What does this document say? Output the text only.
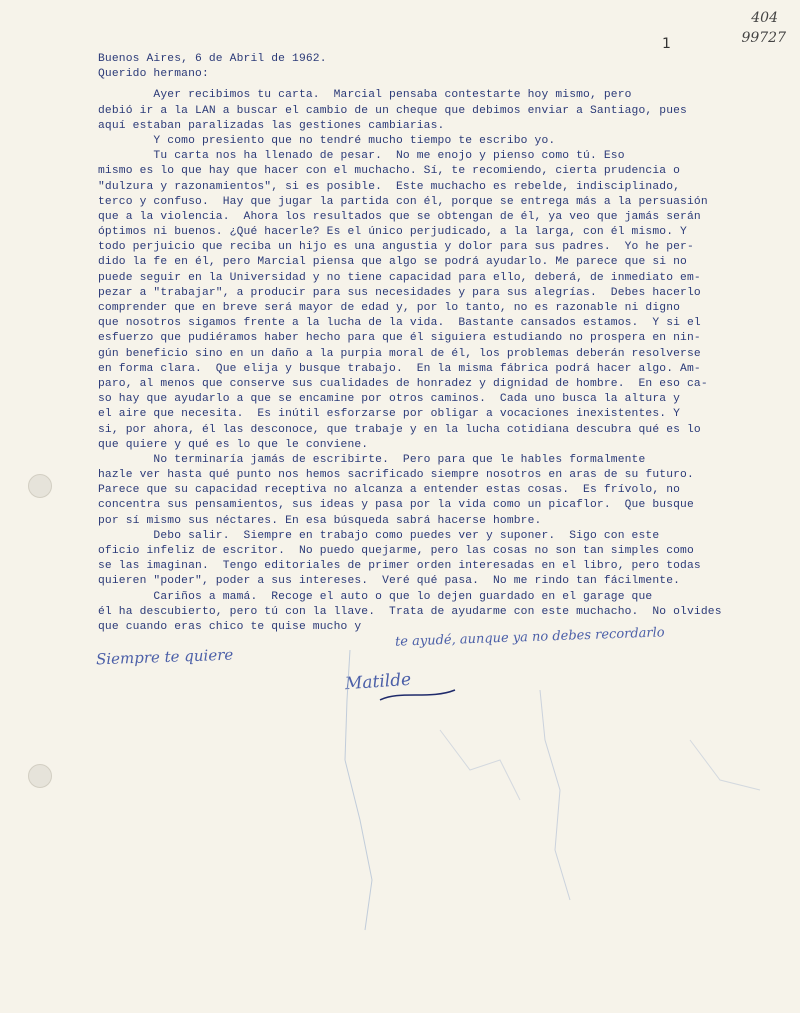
404
99727
1
Buenos Aires, 6 de Abril de 1962.
Querido hermano:
Ayer recibimos tu carta.  Marcial pensaba contestarte hoy mismo, pero
debió ir a la LAN a buscar el cambio de un cheque que debimos enviar a Santiago, pues
aquí estaban paralizadas las gestiones cambiarias.
Y como presiento que no tendré mucho tiempo te escribo yo.
Tu carta nos ha llenado de pesar.  No me enojo y pienso como tú. Eso
mismo es lo que hay que hacer con el muchacho. Sí, te recomiendo, cierta prudencia o
"dulzura y razonamientos", si es posible.  Este muchacho es rebelde, indisciplinado,
terco y confuso.  Hay que jugar la partida con él, porque se entrega más a la persuasión
que a la violencia.  Ahora los resultados que se obtengan de él, ya veo que jamás serán
óptimos ni buenos. ¿Qué hacerle? Es el único perjudicado, a la larga, con él mismo. Y
todo perjuicio que reciba un hijo es una angustia y dolor para sus padres.  Yo he per-
dido la fe en él, pero Marcial piensa que algo se podrá ayudarlo. Me parece que si no
puede seguir en la Universidad y no tiene capacidad para ello, deberá, de inmediato em-
pezar a "trabajar", a producir para sus necesidades y para sus alegrías.  Debes hacerlo
comprender que en breve será mayor de edad y, por lo tanto, no es razonable ni digno
que nosotros sigamos frente a la lucha de la vida.  Bastante cansados estamos.  Y si el
esfuerzo que pudiéramos haber hecho para que él siguiera estudiando no prospera en nin-
gún beneficio sino en un daño a la purpia moral de él, los problemas deberán resolverse
en forma clara.  Que elija y busque trabajo.  En la misma fábrica podrá hacer algo. Am-
paro, al menos que conserve sus cualidades de honradez y dignidad de hombre.  En eso ca-
so hay que ayudarlo a que se encamine por otros caminos.  Cada uno busca la altura y
el aire que necesita.  Es inútil esforzarse por obligar a vocaciones inexistentes. Y
si, por ahora, él las desconoce, que trabaje y en la lucha cotidiana descubra qué es lo
que quiere y qué es lo que le conviene.
No terminaría jamás de escribirte.  Pero para que le hables formalmente
hazle ver hasta qué punto nos hemos sacrificado siempre nosotros en aras de su futuro.
Parece que su capacidad receptiva no alcanza a entender estas cosas.  Es frívolo, no
concentra sus pensamientos, sus ideas y pasa por la vida como un picaflor.  Que busque
por sí mismo sus néctares. En esa búsqueda sabrá hacerse hombre.
Debo salir.  Siempre en trabajo como puedes ver y suponer.  Sigo con este
oficio infeliz de escritor.  No puedo quejarme, pero las cosas no son tan simples como
se las imaginan.  Tengo editoriales de primer orden interesadas en el libro, pero todas
quieren "poder", poder a sus intereses.  Veré qué pasa.  No me rindo tan fácilmente.
Cariños a mamá.  Recoge el auto o que lo dejen guardado en el garage que
él ha descubierto, pero tú con la llave.  Trata de ayudarme con este muchacho.  No olvides
que cuando eras chico te quise mucho y	te ayudé, aunque ya no debes recordarlo
Siempre te quiere
Matilde
